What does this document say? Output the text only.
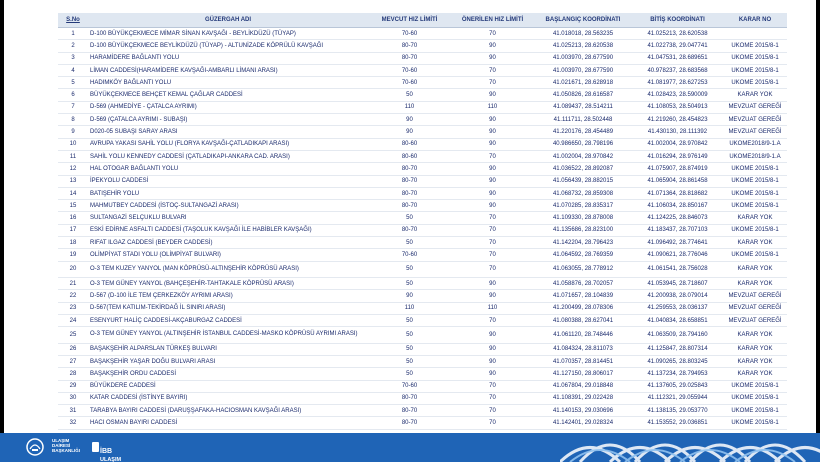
S.No	GÜZERGAH ADI	MEVCUT HIZ LİMİTİ	ÖNERİLEN HIZ LİMİTİ	BAŞLANGIÇ KOORDİNATI	BİTİŞ KOORDİNATI	KARAR NO
1	D-100 BÜYÜKÇEKMECE MİMAR SİNAN KAVŞAĞI - BEYLİKDÜZÜ (TÜYAP)	70-60	70	41.018018, 28.563235	41.025213, 28.620538	
2	D-100 BÜYÜKÇEKMECE BEYLİKDÜZÜ (TÜYAP) - ALTUNİZADE KÖPRÜLÜ KAVŞAĞI	80-70	90	41.025213, 28.620538	41.022738, 29.047741	UKOME 2015/8-1
3	HARAMİDERE BAĞLANTI YOLU	80-70	90	41.003970, 28.677590	41.047531, 28.689651	UKOME 2015/8-1
4	LİMAN CADDESİ(HARAMİDERE KAVŞAĞI-AMBARLI LİMANI ARASI)	70-60	70	41.003970, 28.677590	40.978237, 28.683568	UKOME 2015/8-1
5	HADIMKÖY BAĞLANTI YOLU	70-60	70	41.021671, 28.628918	41.081977, 28.627253	UKOME 2015/8-1
6	BÜYÜKÇEKMECE BEHÇET KEMAL ÇAĞLAR CADDESİ	50	90	41.050826, 28.616587	41.028423, 28.590009	KARAR YOK
7	D-569 (AHMEDİYE - ÇATALCA AYRIMI)	110	110	41.089437, 28.514211	41.108053, 28.504913	MEVZUAT GEREĞİ
8	D-569 (ÇATALCA AYRIMI - SUBAŞI)	90	90	41.111711, 28.502448	41.219260, 28.454823	MEVZUAT GEREĞİ
9	D020-05 SUBAŞI SARAY ARASI	90	90	41.220176, 28.454489	41.430130, 28.111392	MEVZUAT GEREĞİ
10	AVRUPA YAKASI SAHİL YOLU (FLORYA KAVŞAĞI-ÇATLADIKAPI ARASI)	80-60	90	40.986650, 28.798196	41.002004, 28.970842	UKOME2018/9-1.A
11	SAHİL YOLU KENNEDY CADDESİ (ÇATLADIKAPI-ANKARA CAD. ARASI)	80-60	70	41.002004, 28.970842	41.016294, 28.976149	UKOME2018/9-1.A
12	HAL OTOGAR BAĞLANTI YOLU	80-70	90	41.036522, 28.892087	41.075907, 28.874919	UKOME 2015/8-1
13	İPEKYOLU CADDESİ	80-70	90	41.056439, 28.882015	41.065904, 28.861458	UKOME 2015/8-1
14	BATIŞEHİR YOLU	80-70	90	41.068732, 28.859308	41.071364, 28.818682	UKOME 2015/8-1
15	MAHMUTBEY CADDESİ (İSTOÇ-SULTANGAZİ ARASI)	80-70	90	41.070285, 28.835317	41.106034, 28.850167	UKOME 2015/8-1
16	SULTANGAZİ SELÇUKLU BULVARI	50	70	41.109330, 28.878008	41.124225, 28.846073	KARAR YOK
17	ESKİ EDİRNE ASFALTI CADDESİ (TAŞOLUK KAVŞAĞI İLE HABİBLER KAVŞAĞI)	80-70	70	41.135686, 28.823100	41.183437, 28.707103	UKOME 2015/8-1
18	RIFAT ILGAZ CADDESİ (BEYDER CADDESİ)	50	70	41.142204, 28.796423	41.096492, 28.774641	KARAR YOK
19	OLİMPİYAT STADI YOLU (OLİMPİYAT BULVARI)	70-60	70	41.064592, 28.769359	41.090621, 28.776046	UKOME 2015/8-1
20	O-3 TEM KUZEY YANYOL (MAN KÖPRÜSÜ-ALTINŞEHİR KÖPRÜSÜ ARASI)	50	70	41.063055, 28.778912	41.061541, 28.756028	KARAR YOK
21	O-3 TEM GÜNEY YANYOL (BAHÇEŞEHİR-TAHTAKALE KÖPRÜSÜ ARASI)	50	90	41.058876, 28.702057	41.053945, 28.718607	KARAR YOK
22	D-567 (D-100 İLE TEM ÇERKEZKÖY AYRIMI ARASI)	90	90	41.071657, 28.104839	41.200938, 28.079014	MEVZUAT GEREĞİ
23	D-567(TEM KATILIM-TEKİRDAĞ İL SINIRI ARASI)	110	110	41.200499, 28.078306	41.259553, 28.036137	MEVZUAT GEREĞİ
24	ESENYURT HALİÇ CADDESİ-AKÇABURGAZ CADDESİ	50	70	41.080388, 28.627041	41.040834, 28.658851	MEVZUAT GEREĞİ
25	O-3 TEM GÜNEY YANYOL (ALTINŞEHİR İSTANBUL CADDESİ-MASKO KÖPRÜSÜ AYRIMI ARASI)	50	90	41.061120, 28.748446	41.063509, 28.794160	KARAR YOK
26	BAŞAKŞEHİR ALPARSLAN TÜRKEŞ BULVARI	50	90	41.084324, 28.811073	41.125847, 28.807314	KARAR YOK
27	BAŞAKŞEHİR YAŞAR DOĞU BULVARI ARASI	50	90	41.070357, 28.814451	41.090265, 28.803245	KARAR YOK
28	BAŞAKŞEHİR ORDU CADDESİ	50	90	41.127150, 28.806017	41.137234, 28.794953	KARAR YOK
29	BÜYÜKDERE CADDESİ	70-60	70	41.067804, 29.018848	41.137605, 29.025843	UKOME 2015/8-1
30	KATAR CADDESİ (İSTİNYE BAYIRI)	80-70	70	41.108391, 29.022428	41.112321, 29.055944	UKOME 2015/8-1
31	TARABYA BAYIRI CADDESİ (DARUŞŞAFAKA-HACIOSMAN KAVŞAĞI ARASI)	80-70	70	41.140153, 29.030696	41.138135, 29.053770	UKOME 2015/8-1
32	HACI OSMAN BAYIRI CADDESİ	80-70	70	41.142401, 29.028324	41.153552, 29.036851	UKOME 2015/8-1
ULAŞIM
DAİRESİ
BAŞKANLIĞI	İBB
ULAŞIM
